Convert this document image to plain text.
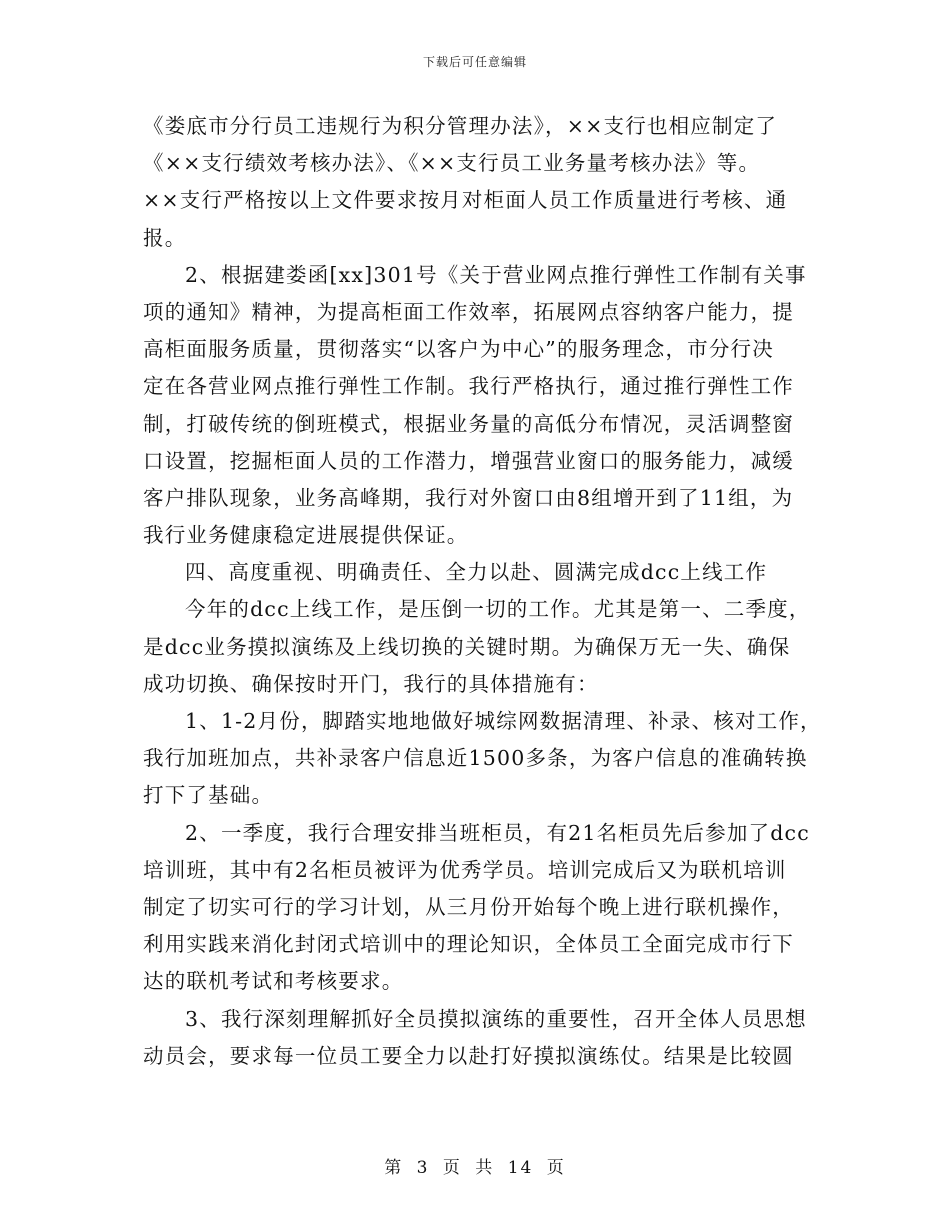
下载后可任意编辑
《娄底市分行员工违规行为积分管理办法》，××支行也相应制定了
《××支行绩效考核办法》、《××支行员工业务量考核办法》等。
××支行严格按以上文件要求按月对柜面人员工作质量进行考核、通
报。
2、根据建娄函[xx]301号《关于营业网点推行弹性工作制有关事
项的通知》精神，为提高柜面工作效率，拓展网点容纳客户能力，提
高柜面服务质量，贯彻落实“以客户为中心”的服务理念，市分行决
定在各营业网点推行弹性工作制。我行严格执行，通过推行弹性工作
制，打破传统的倒班模式，根据业务量的高低分布情况，灵活调整窗
口设置，挖掘柜面人员的工作潜力，增强营业窗口的服务能力，减缓
客户排队现象，业务高峰期，我行对外窗口由8组增开到了11组，为
我行业务健康稳定进展提供保证。
四、高度重视、明确责任、全力以赴、圆满完成dcc上线工作
今年的dcc上线工作，是压倒一切的工作。尤其是第一、二季度，
是dcc业务摸拟演练及上线切换的关键时期。为确保万无一失、确保
成功切换、确保按时开门，我行的具体措施有：
1、1-2月份，脚踏实地地做好城综网数据清理、补录、核对工作，
我行加班加点，共补录客户信息近1500多条，为客户信息的准确转换
打下了基础。
2、一季度，我行合理安排当班柜员，有21名柜员先后参加了dcc
培训班，其中有2名柜员被评为优秀学员。培训完成后又为联机培训
制定了切实可行的学习计划，从三月份开始每个晚上进行联机操作，
利用实践来消化封闭式培训中的理论知识，全体员工全面完成市行下
达的联机考试和考核要求。
3、我行深刻理解抓好全员摸拟演练的重要性，召开全体人员思想
动员会，要求每一位员工要全力以赴打好摸拟演练仗。结果是比较圆
第 3 页 共 14 页
